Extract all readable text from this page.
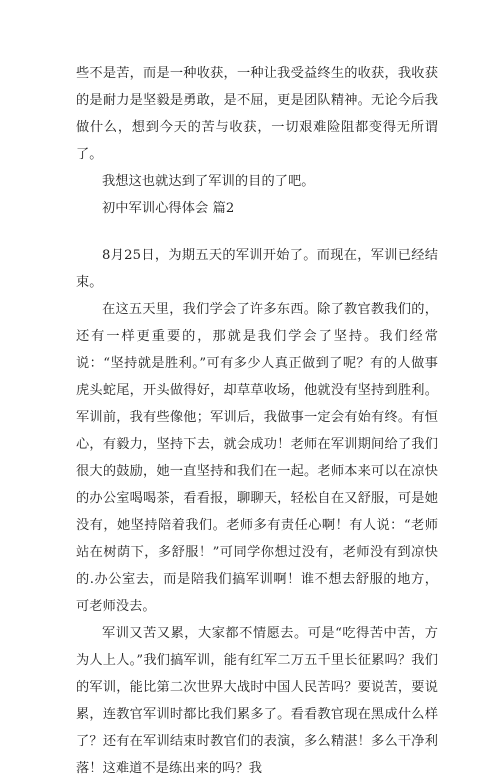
些不是苦，而是一种收获，一种让我受益终生的收获，我收获的是耐力是坚毅是勇敢，是不屈，更是团队精神。无论今后我做什么，想到今天的苦与收获，一切艰难险阻都变得无所谓了。

我想这也就达到了军训的目的了吧。

初中军训心得体会 篇2

8月25日，为期五天的军训开始了。而现在，军训已经结束。

在这五天里，我们学会了许多东西。除了教官教我们的，还有一样更重要的，那就是我们学会了坚持。我们经常说：“坚持就是胜利。”可有多少人真正做到了呢？有的人做事虎头蛇尾，开头做得好，却草草收场，他就没有坚持到胜利。军训前，我有些像他；军训后，我做事一定会有始有终。有恒心，有毅力，坚持下去，就会成功！老师在军训期间给了我们很大的鼓励，她一直坚持和我们在一起。老师本来可以在凉快的办公室喝喝茶，看看报，聊聊天，轻松自在又舒服，可是她没有，她坚持陪着我们。老师多有责任心啊！有人说：“老师站在树荫下，多舒服！”可同学你想过没有，老师没有到凉快的.办公室去，而是陪我们搞军训啊！谁不想去舒服的地方，可老师没去。

军训又苦又累，大家都不情愿去。可是“吃得苦中苦，方为人上人。”我们搞军训，能有红军二万五千里长征累吗？我们的军训，能比第二次世界大战时中国人民苦吗？要说苦，要说累，连教官军训时都比我们累多了。看看教官现在黑成什么样了？还有在军训结束时教官们的表演，多么精湛！多么干净利落！这难道不是练出来的吗？我
